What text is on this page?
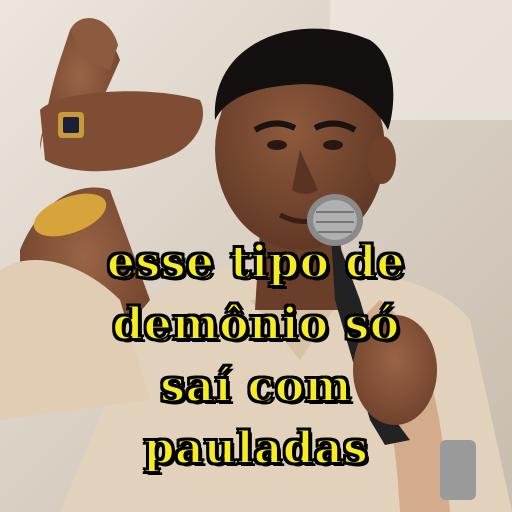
esse tipo de
demônio só
saí com
pauladas
